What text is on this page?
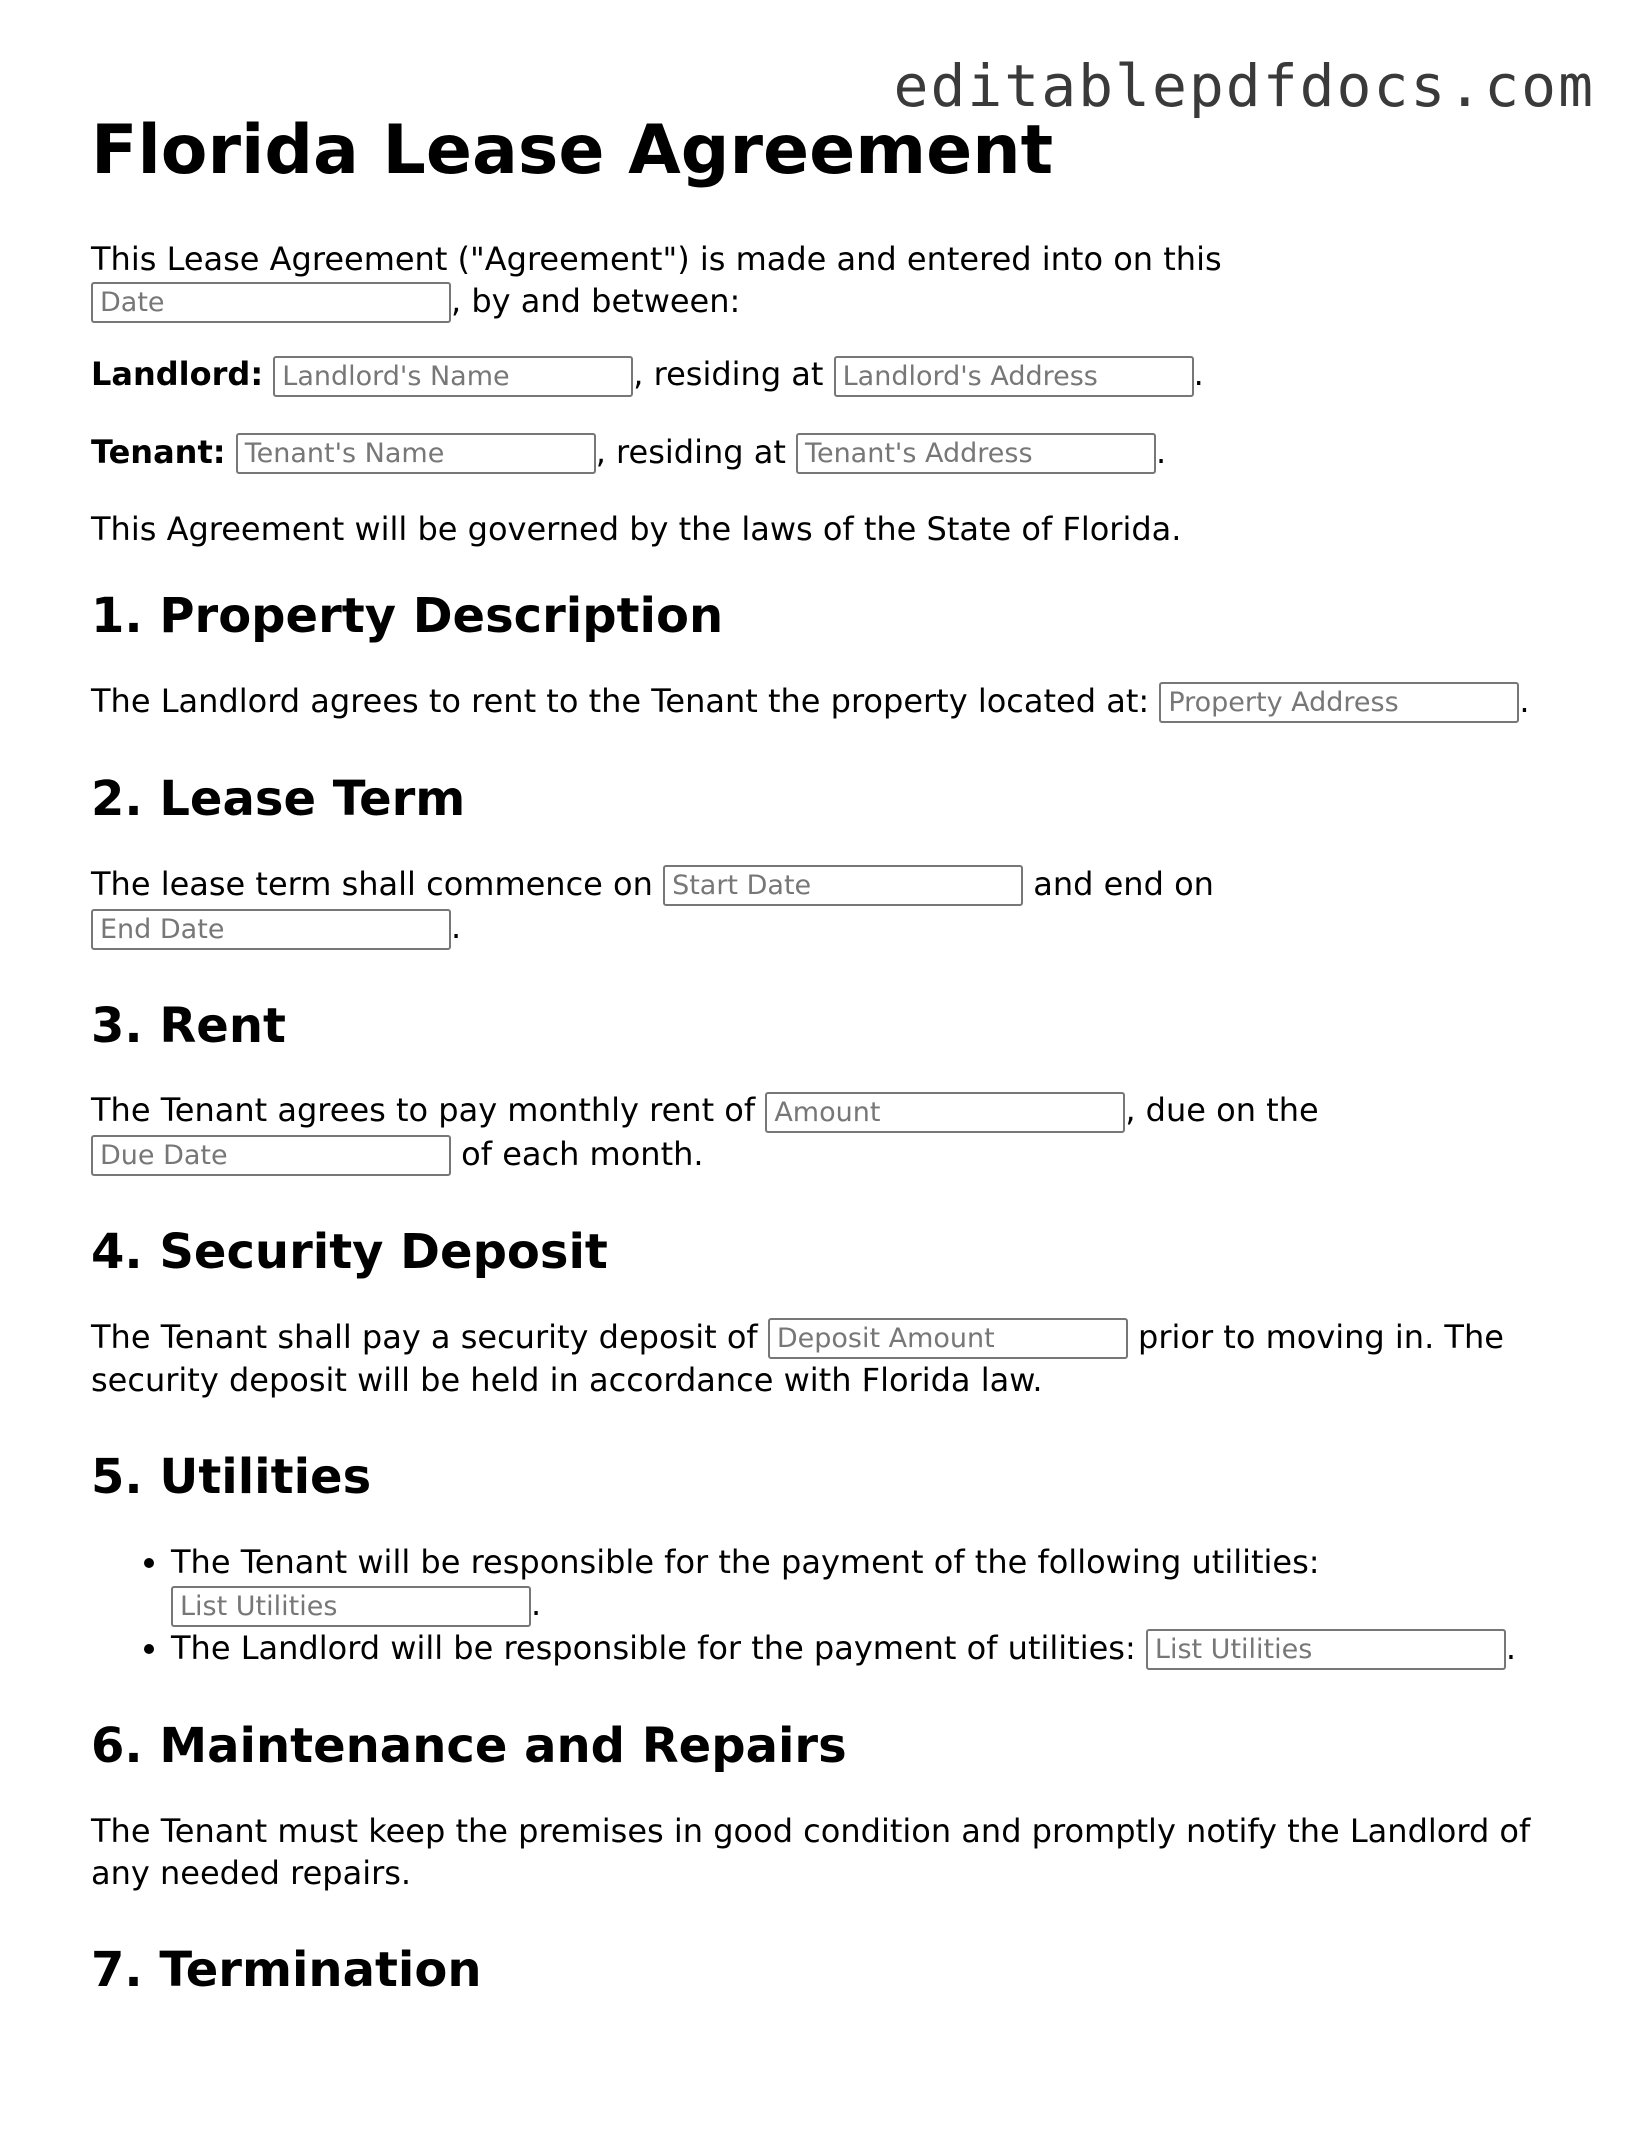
editablepdfdocs.com
Florida Lease Agreement

This Lease Agreement ("Agreement") is made and entered into on this
Date, by and between:

Landlord: Landlord's Name	, residing at Landlord's Address	.

Tenant: Tenant's Name	, residing at Tenant's Address	.

This Agreement will be governed by the laws of the State of Florida.

1. Property Description

The Landlord agrees to rent to the Tenant the property located at: Property Address	.

2. Lease Term

The lease term shall commence on Start Date	and end on
End Date.

3. Rent

The Tenant agrees to pay monthly rent of Amount	, due on the
Due Date of each month.

4. Security Deposit

The Tenant shall pay a security deposit of Deposit Amount	prior to moving in. The security deposit will be held in accordance with Florida law.

5. Utilities
• The Tenant will be responsible for the payment of the following utilities:
List Utilities.
• The Landlord will be responsible for the payment of utilities: List Utilities	.
6. Maintenance and Repairs

The Tenant must keep the premises in good condition and promptly notify the Landlord of any needed repairs.

7. Termination
